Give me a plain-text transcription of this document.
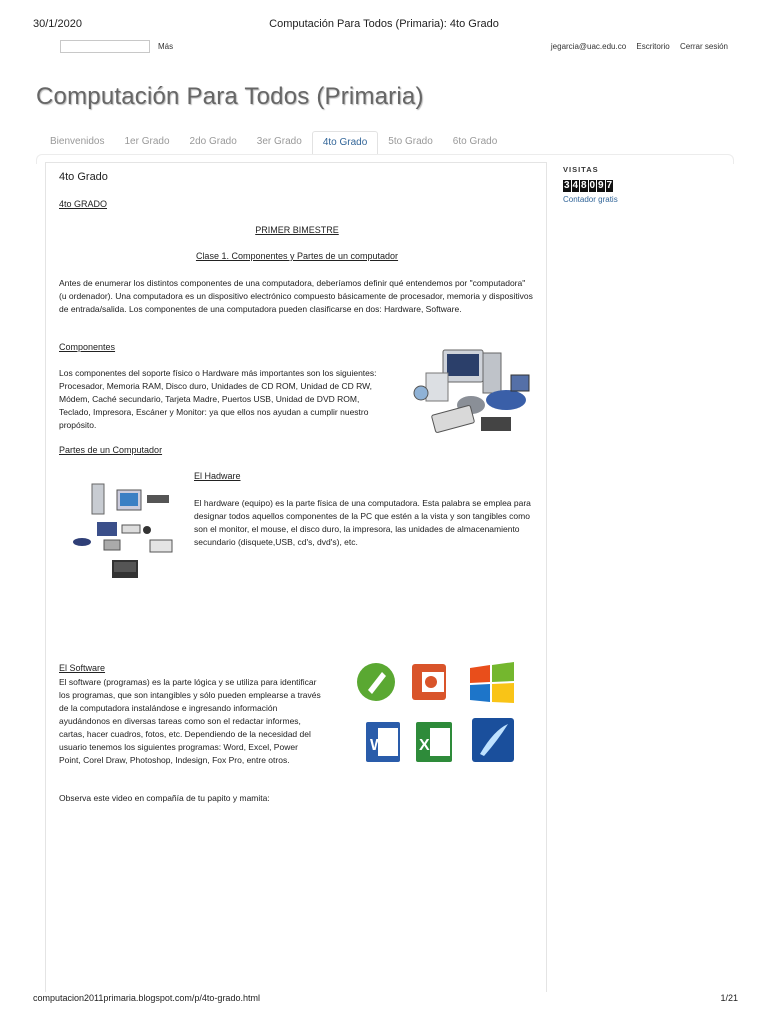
30/1/2020	Computación Para Todos (Primaria): 4to Grado
Más	jegarcia@uac.edu.co Escritorio Cerrar sesión
Computación Para Todos (Primaria)
Bienvenidos	1er Grado	2do Grado	3er Grado	4to Grado	5to Grado	6to Grado
4to Grado
4to GRADO
PRIMER BIMESTRE
Clase 1. Componentes y Partes de un computador
Antes de enumerar los distintos componentes de una computadora, deberíamos definir qué entendemos por "computadora" (u ordenador). Una computadora es un dispositivo electrónico compuesto básicamente de procesador, memoria y dispositivos de entrada/salida. Los componentes de una computadora pueden clasificarse en dos: Hardware, Software.
Componentes
Los componentes del soporte físico o Hardware más importantes son los siguientes: Procesador, Memoria RAM, Disco duro, Unidades de CD ROM, Unidad de CD RW, Módem, Caché secundario, Tarjeta Madre, Puertos USB, Unidad de DVD ROM, Teclado, Impresora, Escáner y Monitor: ya que ellos nos ayudan a cumplir nuestro propósito.
Partes de un Computador
El Hadware
El hardware (equipo) es la parte física de una computadora. Esta palabra se emplea para designar todos aquellos componentes de la PC que estén a la vista y son tangibles como son el monitor, el mouse, el disco duro, la impresora, las unidades de almacenamiento secundario (disquete,USB, cd's, dvd's), etc.
El Software
El software (programas) es la parte lógica y se utiliza para identificar los programas, que son intangibles y sólo pueden emplearse a través de la computadora instalándose e ingresando información ayudándonos en diversas tareas como son el redactar informes, cartas, hacer cuadros, fotos, etc. Dependiendo de la necesidad del usuario tenemos los siguientes programas: Word, Excel, Power Point, Corel Draw, Photoshop, Indesign, Fox Pro, entre otros.
W X
Observa este video en compañía de tu papito y mamita:
VISITAS
3 4 8 0 9 7
Contador gratis
computacion2011primaria.blogspot.com/p/4to-grado.html	1/21
